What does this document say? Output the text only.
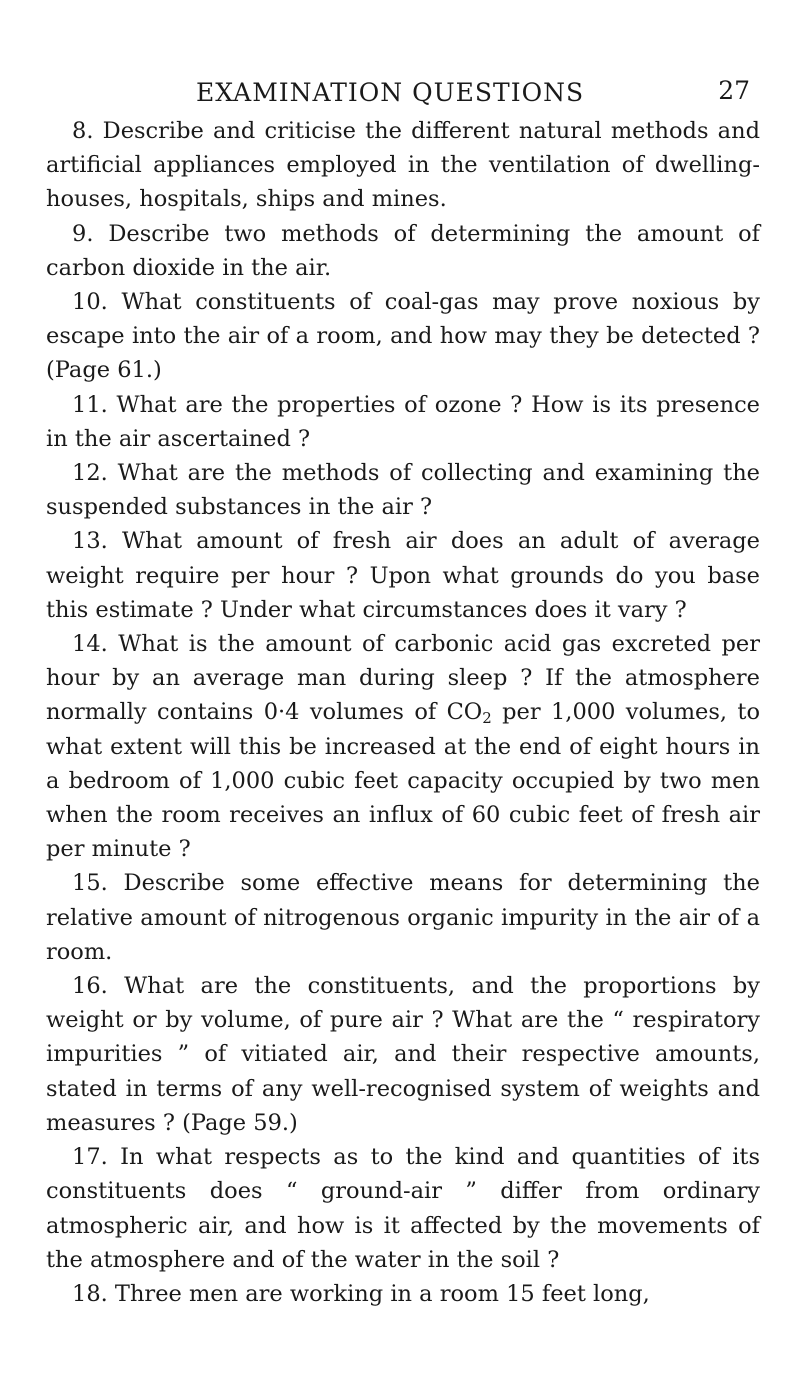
EXAMINATION QUESTIONS	27

8. Describe and criticise the different natural methods and artificial appliances employed in the ventilation of dwelling-houses, hospitals, ships and mines.

9. Describe two methods of determining the amount of carbon dioxide in the air.

10. What constituents of coal-gas may prove noxious by escape into the air of a room, and how may they be detected ? (Page 61.)

11. What are the properties of ozone ? How is its presence in the air ascertained ?

12. What are the methods of collecting and examining the suspended substances in the air ?

13. What amount of fresh air does an adult of average weight require per hour ? Upon what grounds do you base this estimate ? Under what circumstances does it vary ?

14. What is the amount of carbonic acid gas excreted per hour by an average man during sleep ? If the atmosphere normally contains 0·4 volumes of $CO_2$ per 1,000 volumes, to what extent will this be increased at the end of eight hours in a bedroom of 1,000 cubic feet capacity occupied by two men when the room receives an influx of 60 cubic feet of fresh air per minute ?

15. Describe some effective means for determining the relative amount of nitrogenous organic impurity in the air of a room.

16. What are the constituents, and the proportions by weight or by volume, of pure air ? What are the “ respiratory impurities ” of vitiated air, and their respective amounts, stated in terms of any well-recognised system of weights and measures ? (Page 59.)

17. In what respects as to the kind and quantities of its constituents does “ ground-air ” differ from ordinary atmospheric air, and how is it affected by the movements of the atmosphere and of the water in the soil ?

18. Three men are working in a room 15 feet long,
